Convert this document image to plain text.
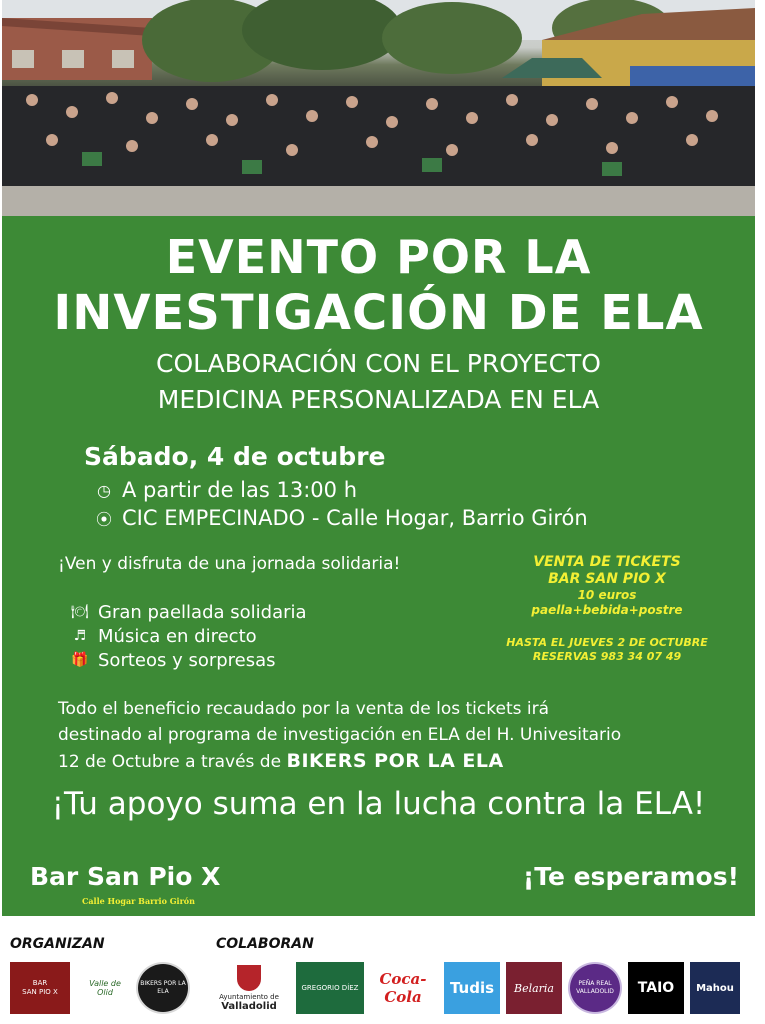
EVENTO POR LA
INVESTIGACIÓN DE ELA
COLABORACIÓN CON EL PROYECTO
MEDICINA PERSONALIZADA EN ELA
Sábado, 4 de octubre
◷ A partir de las 13:00 h
⦿ CIC EMPECINADO - Calle Hogar, Barrio Girón
¡Ven y disfruta de una jornada solidaria!
🍽 Gran paellada solidaria
♬ Música en directo
🎁 Sorteos y sorpresas
VENTA DE TICKETS
BAR SAN PIO X
10 euros
paella+bebida+postre
HASTA EL JUEVES 2 DE OCTUBRE
RESERVAS 983 34 07 49
Todo el beneficio recaudado por la venta de los tickets irá
destinado al programa de investigación en ELA del H. Univesitario
12 de Octubre a través de BIKERS POR LA ELA
¡Tu apoyo suma en la lucha contra la ELA!
Bar San Pio X
Calle Hogar Barrio Girón
¡Te esperamos!
ORGANIZAN	COLABORAN
BAR
SAN PIO X
Valle de Olid
BIKERS POR LA ELA
Ayuntamiento de
Valladolid
GREGORIO DÍEZ	Coca-Cola	Tudis Belaria	PEÑA REAL VALLADOLID	TAIO Mahou
